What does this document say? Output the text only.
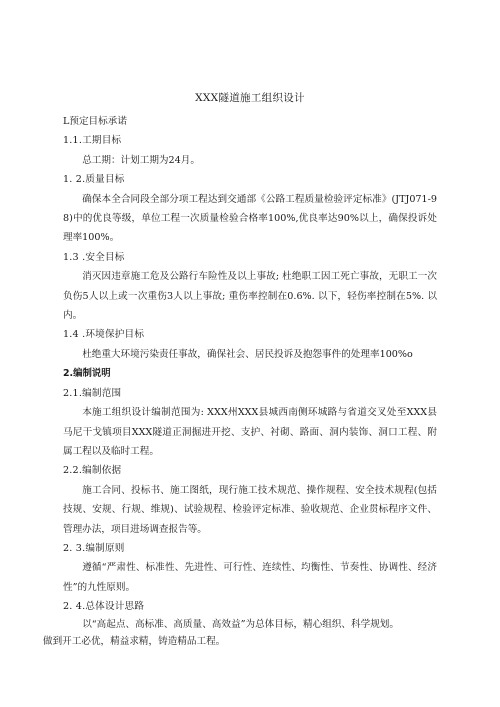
XXX隧道施工组织设计
L预定目标承诺
1.1.工期目标
总工期：计划工期为24月。
1. 2.质量目标
确保本全合同段全部分项工程达到交通部《公路工程质量检验评定标准》(JTJ071-98)中的优良等级，单位工程一次质量检验合格率100%,优良率达90%以上，确保投诉处理率100%。
1.3 .安全目标
消灭因违章施工危及公路行车险性及以上事故; 杜绝职工因工死亡事故，无职工一次负伤5人以上或一次重伤3人以上事故; 重伤率控制在0.6%. 以下，轻伤率控制在5%. 以内。
1.4 .环境保护目标
杜绝重大环境污染责任事故，确保社会、居民投诉及抱怨事件的处理率100%o
2.编制说明
2.1.编制范围
本施工组织设计编制范围为: XXX州XXX县城西南侧环城路与省道交叉处至XXX县马尼干戈镇项目XXX隧道正洞掘进开挖、支护、衬砌、路面、洞内装饰、洞口工程、附属工程以及临时工程。
2.2.编制依据
施工合同、投标书、施工图纸，现行施工技术规范、操作规程、安全技术规程(包括技规、安规、行规、维规)、试验规程、检验评定标准、验收规范、企业贯标程序文件、管理办法，项目进场调查报告等。
2. 3.编制原则
遵循“严肃性、标准性、先进性、可行性、连续性、均衡性、节奏性、协调性、经济性”的九性原则。
2. 4.总体设计思路
以“高起点、高标准、高质量、高效益”为总体目标，精心组织、科学规划。
做到开工必优，精益求精，铸造精品工程。
